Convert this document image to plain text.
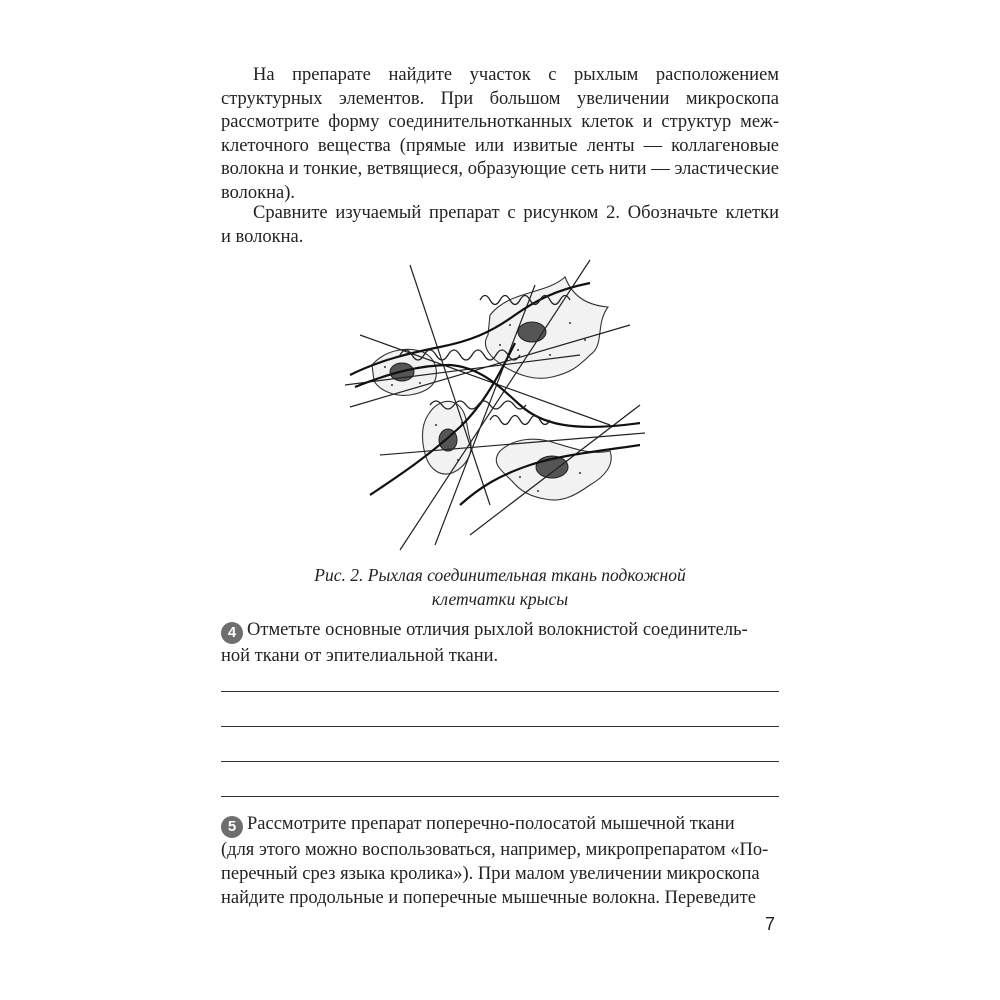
На препарате найдите участок с рыхлым расположением
структурных элементов. При большом увеличении микроскопа
рассмотрите форму соединительнотканных клеток и структур меж-
клеточного вещества (прямые или извитые ленты — коллагеновые
волокна и тонкие, ветвящиеся, образующие сеть нити — эластические
волокна).
Сравните изучаемый препарат с рисунком 2. Обозначьте клетки
и волокна.
Рис. 2. Рыхлая соединительная ткань подкожной
клетчатки крысы
4 Отметьте основные отличия рыхлой волокнистой соединитель-
ной ткани от эпителиальной ткани.
5 Рассмотрите препарат поперечно-полосатой мышечной ткани
(для этого можно воспользоваться, например, микропрепаратом «По-
перечный срез языка кролика»). При малом увеличении микроскопа
найдите продольные и поперечные мышечные волокна. Переведите
7
